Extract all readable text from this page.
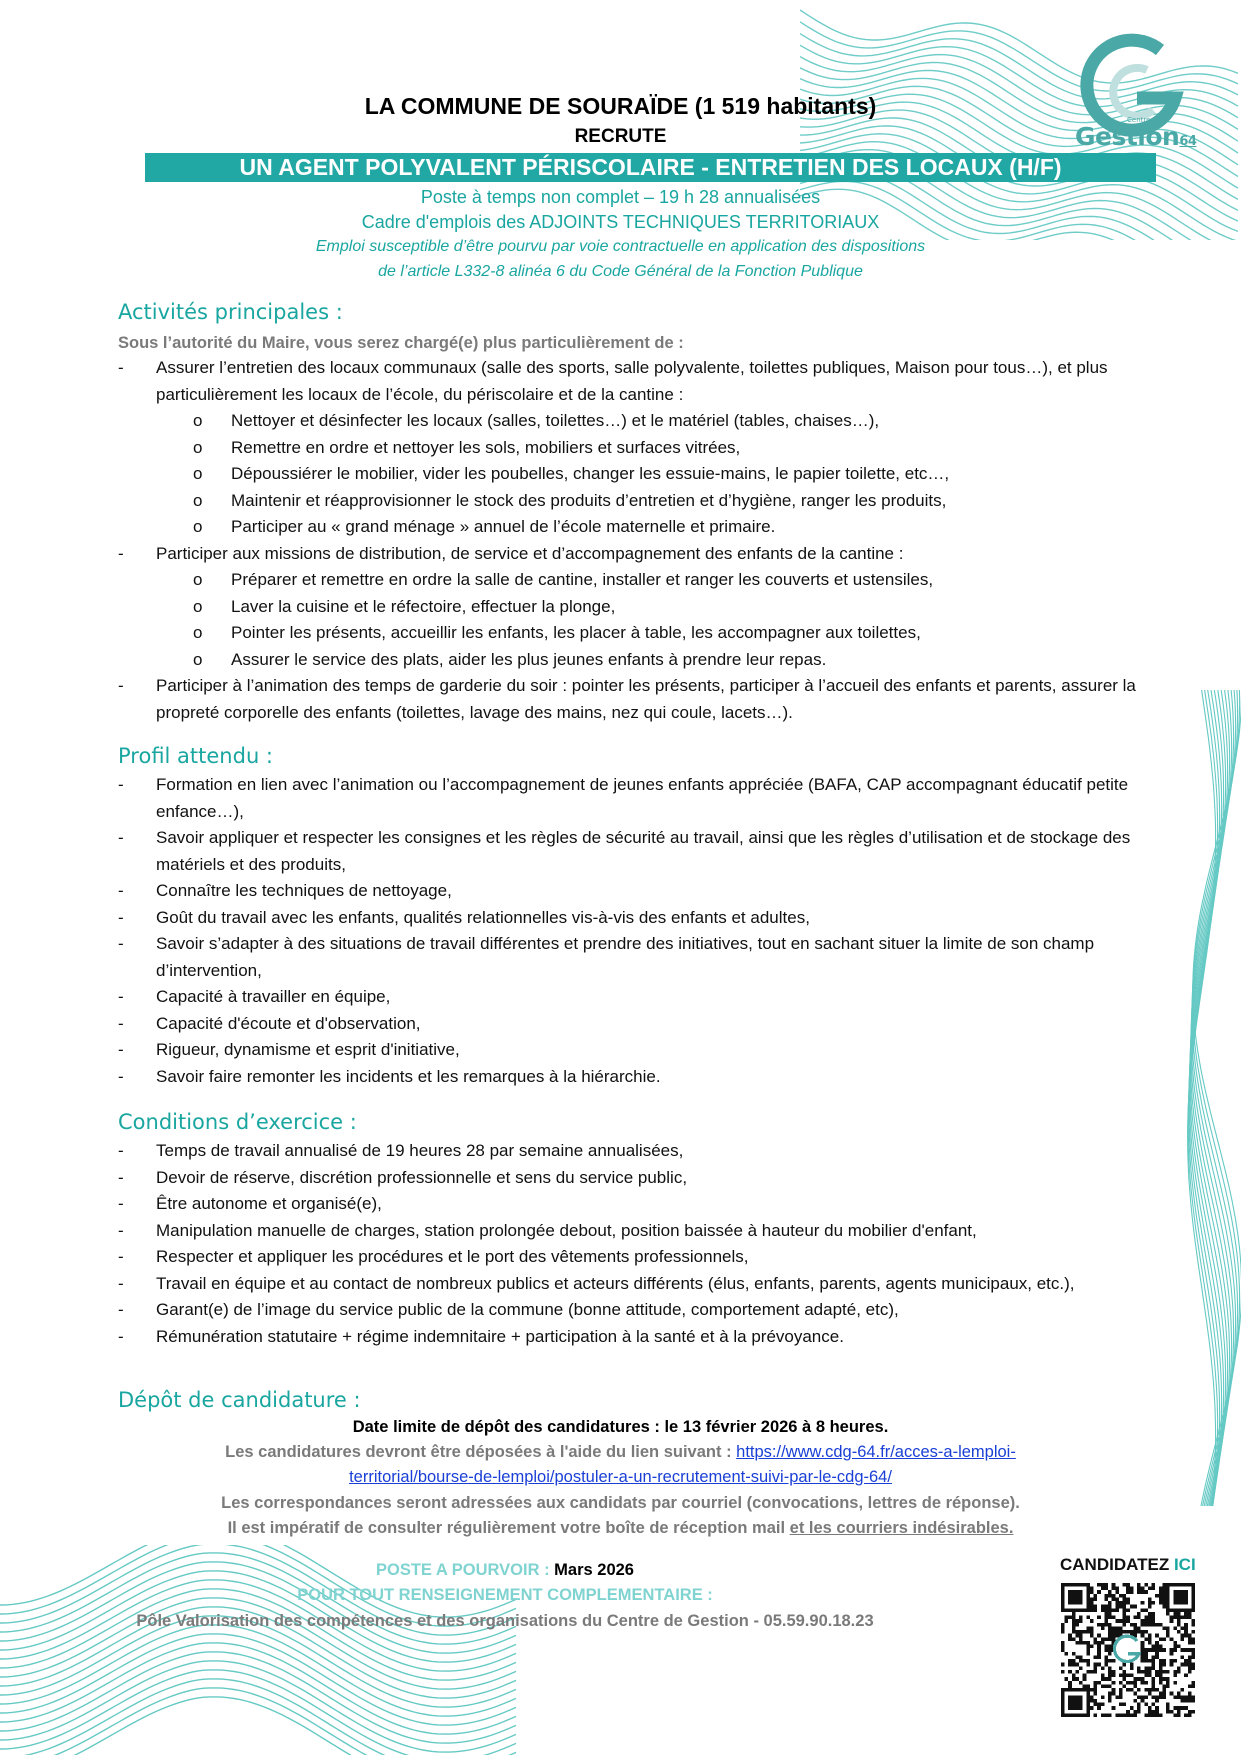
Centre de
Gestion64
LA COMMUNE DE SOURAÏDE (1 519 habitants)
RECRUTE
UN AGENT POLYVALENT PÉRISCOLAIRE - ENTRETIEN DES LOCAUX (H/F)
Poste à temps non complet – 19 h 28 annualisées
Cadre d'emplois des ADJOINTS TECHNIQUES TERRITORIAUX
Emploi susceptible d’être pourvu par voie contractuelle en application des dispositions
de l’article L332-8 alinéa 6 du Code Général de la Fonction Publique
Activités principales :
Sous l’autorité du Maire, vous serez chargé(e) plus particulièrement de :
- Assurer l’entretien des locaux communaux (salle des sports, salle polyvalente, toilettes publiques, Maison pour tous…), et plus particulièrement les locaux de l’école, du périscolaire et de la cantine :
o Nettoyer et désinfecter les locaux (salles, toilettes…) et le matériel (tables, chaises…),
o Remettre en ordre et nettoyer les sols, mobiliers et surfaces vitrées,
o Dépoussiérer le mobilier, vider les poubelles, changer les essuie-mains, le papier toilette, etc…,
o Maintenir et réapprovisionner le stock des produits d’entretien et d’hygiène, ranger les produits,
o Participer au « grand ménage » annuel de l’école maternelle et primaire.
- Participer aux missions de distribution, de service et d’accompagnement des enfants de la cantine :
o Préparer et remettre en ordre la salle de cantine, installer et ranger les couverts et ustensiles,
o Laver la cuisine et le réfectoire, effectuer la plonge,
o Pointer les présents, accueillir les enfants, les placer à table, les accompagner aux toilettes,
o Assurer le service des plats, aider les plus jeunes enfants à prendre leur repas.
- Participer à l’animation des temps de garderie du soir : pointer les présents, participer à l’accueil des enfants et parents, assurer la propreté corporelle des enfants (toilettes, lavage des mains, nez qui coule, lacets…).
Profil attendu :
- Formation en lien avec l’animation ou l’accompagnement de jeunes enfants appréciée (BAFA, CAP accompagnant éducatif petite enfance…),
- Savoir appliquer et respecter les consignes et les règles de sécurité au travail, ainsi que les règles d’utilisation et de stockage des matériels et des produits,
- Connaître les techniques de nettoyage,
- Goût du travail avec les enfants, qualités relationnelles vis-à-vis des enfants et adultes,
- Savoir s’adapter à des situations de travail différentes et prendre des initiatives, tout en sachant situer la limite de son champ d’intervention,
- Capacité à travailler en équipe,
- Capacité d'écoute et d'observation,
- Rigueur, dynamisme et esprit d'initiative,
- Savoir faire remonter les incidents et les remarques à la hiérarchie.
Conditions d’exercice :
- Temps de travail annualisé de 19 heures 28 par semaine annualisées,
- Devoir de réserve, discrétion professionnelle et sens du service public,
- Être autonome et organisé(e),
- Manipulation manuelle de charges, station prolongée debout, position baissée à hauteur du mobilier d'enfant,
- Respecter et appliquer les procédures et le port des vêtements professionnels,
- Travail en équipe et au contact de nombreux publics et acteurs différents (élus, enfants, parents, agents municipaux, etc.),
- Garant(e) de l’image du service public de la commune (bonne attitude, comportement adapté, etc),
- Rémunération statutaire + régime indemnitaire + participation à la santé et à la prévoyance.
Dépôt de candidature :
Date limite de dépôt des candidatures : le 13 février 2026 à 8 heures.
Les candidatures devront être déposées à l'aide du lien suivant : https://www.cdg-64.fr/acces-a-lemploi-
territorial/bourse-de-lemploi/postuler-a-un-recrutement-suivi-par-le-cdg-64/
Les correspondances seront adressées aux candidats par courriel (convocations, lettres de réponse).
Il est impératif de consulter régulièrement votre boîte de réception mail et les courriers indésirables.
POSTE A POURVOIR : Mars 2026
POUR TOUT RENSEIGNEMENT COMPLEMENTAIRE :
Pôle Valorisation des compétences et des organisations du Centre de Gestion - 05.59.90.18.23
CANDIDATEZ ICI
